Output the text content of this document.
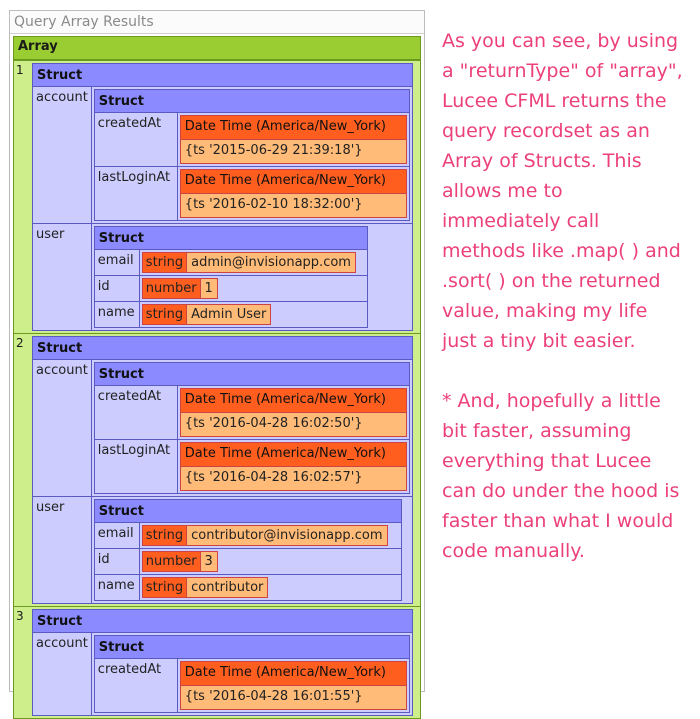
Query Array Results
Array
1	Struct
account	Struct
createdAt	Date Time (America/New_York)
{ts '2015-06-29 21:39:18'}

lastLoginAt	Date Time (America/New_York)
{ts '2016-02-10 18:32:00'}

user		Struct
email	string admin@invisionapp.com

id	number 1

name	string Admin User
2	Struct
account	Struct
createdAt	Date Time (America/New_York)
{ts '2016-04-28 16:02:50'}

lastLoginAt	Date Time (America/New_York)
{ts '2016-04-28 16:02:57'}

user		Struct
email	string contributor@invisionapp.com

id	number 3

name	string contributor
3	Struct
account	Struct
createdAt	Date Time (America/New_York)
{ts '2016-04-28 16:01:55'}

As you can see, by using a "returnType" of "array", Lucee CFML returns the query recordset as an Array of Structs. This allows me to immediately call methods like .map( ) and .sort( ) on the returned value, making my life just a tiny bit easier.

* And, hopefully a little bit faster, assuming everything that Lucee can do under the hood is faster than what I would code manually.
